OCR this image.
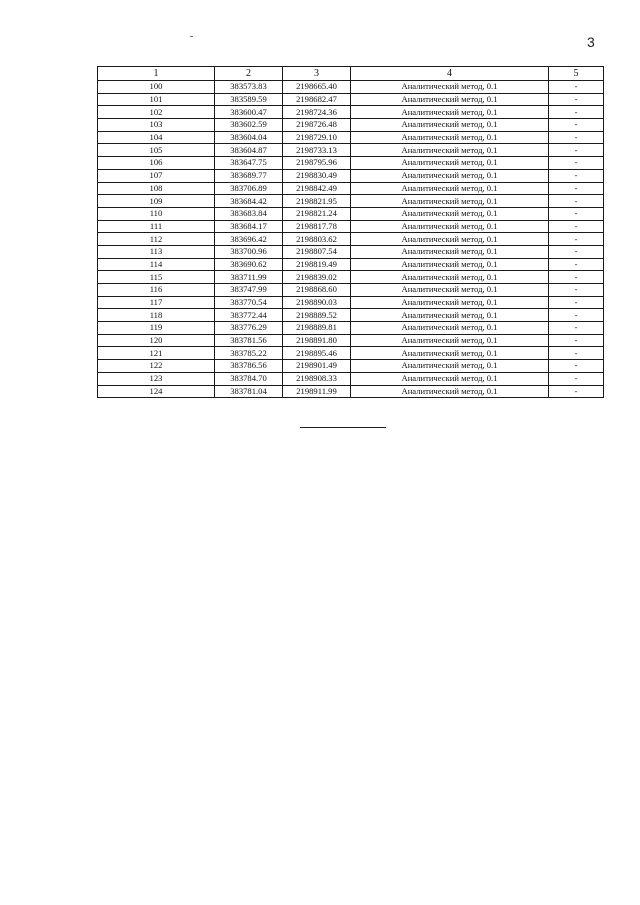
3
1	2	3	4	5
100	383573.83	2198665.40	Аналитический метод, 0.1	-
101	383589.59	2198682.47	Аналитический метод, 0.1	-
102	383600.47	2198724.36	Аналитический метод, 0.1	-
103	383602.59	2198726.48	Аналитический метод, 0.1	-
104	383604.04	2198729.10	Аналитический метод, 0.1	-
105	383604.87	2198733.13	Аналитический метод, 0.1	-
106	383647.75	2198795.96	Аналитический метод, 0.1	-
107	383689.77	2198830.49	Аналитический метод, 0.1	-
108	383706.89	2198842.49	Аналитический метод, 0.1	-
109	383684.42	2198821.95	Аналитический метод, 0.1	-
110	383683.84	2198821.24	Аналитический метод, 0.1	-
111	383684.17	2198817.78	Аналитический метод, 0.1	-
112	383696.42	2198803.62	Аналитический метод, 0.1	-
113	383700.96	2198807.54	Аналитический метод, 0.1	-
114	383690.62	2198819.49	Аналитический метод, 0.1	-
115	383711.99	2198839.02	Аналитический метод, 0.1	-
116	383747.99	2198868.60	Аналитический метод, 0.1	-
117	383770.54	2198890.03	Аналитический метод, 0.1	-
118	383772.44	2198889.52	Аналитический метод, 0.1	-
119	383776.29	2198889.81	Аналитический метод, 0.1	-
120	383781.56	2198891.80	Аналитический метод, 0.1	-
121	383785.22	2198895.46	Аналитический метод, 0.1	-
122	383786.56	2198901.49	Аналитический метод, 0.1	-
123	383784.70	2198908.33	Аналитический метод, 0.1	-
124	383781.04	2198911.99	Аналитический метод, 0.1	-
